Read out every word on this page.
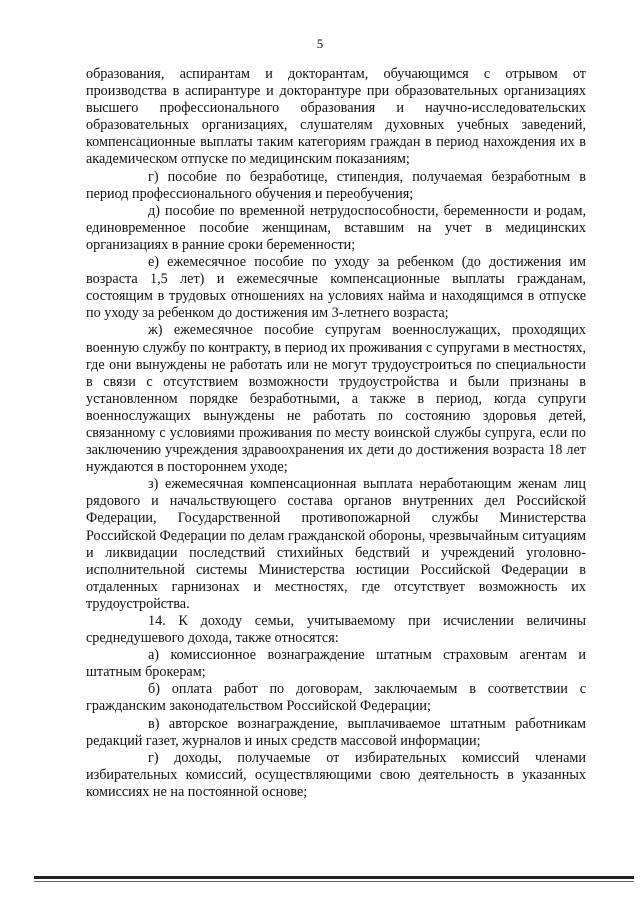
5

образования, аспирантам и докторантам, обучающимся с отрывом от производства в аспирантуре и докторантуре при образовательных организациях высшего профессионального образования и научно-исследовательских образовательных организациях, слушателям духовных учебных заведений, компенсационные выплаты таким категориям граждан в период нахождения их в академическом отпуске по медицинским показаниям;

г) пособие по безработице, стипендия, получаемая безработным в период профессионального обучения и переобучения;

д) пособие по временной нетрудоспособности, беременности и родам, единовременное пособие женщинам, вставшим на учет в медицинских организациях в ранние сроки беременности;

е) ежемесячное пособие по уходу за ребенком (до достижения им возраста 1,5 лет) и ежемесячные компенсационные выплаты гражданам, состоящим в трудовых отношениях на условиях найма и находящимся в отпуске по уходу за ребенком до достижения им 3-летнего возраста;

ж) ежемесячное пособие супругам военнослужащих, проходящих военную службу по контракту, в период их проживания с супругами в местностях, где они вынуждены не работать или не могут трудоустроиться по специальности в связи с отсутствием возможности трудоустройства и были признаны в установленном порядке безработными, а также в период, когда супруги военнослужащих вынуждены не работать по состоянию здоровья детей, связанному с условиями проживания по месту воинской службы супруга, если по заключению учреждения здравоохранения их дети до достижения возраста 18 лет нуждаются в постороннем уходе;

з) ежемесячная компенсационная выплата неработающим женам лиц рядового и начальствующего состава органов внутренних дел Российской Федерации, Государственной противопожарной службы Министерства Российской Федерации по делам гражданской обороны, чрезвычайным ситуациям и ликвидации последствий стихийных бедствий и учреждений уголовно-исполнительной системы Министерства юстиции Российской Федерации в отдаленных гарнизонах и местностях, где отсутствует возможность их трудоустройства.

14. К доходу семьи, учитываемому при исчислении величины среднедушевого дохода, также относятся:

а) комиссионное вознаграждение штатным страховым агентам и штатным брокерам;

б) оплата работ по договорам, заключаемым в соответствии с гражданским законодательством Российской Федерации;

в) авторское вознаграждение, выплачиваемое штатным работникам редакций газет, журналов и иных средств массовой информации;

г) доходы, получаемые от избирательных комиссий членами избирательных комиссий, осуществляющими свою деятельность в указанных комиссиях не на постоянной основе;
